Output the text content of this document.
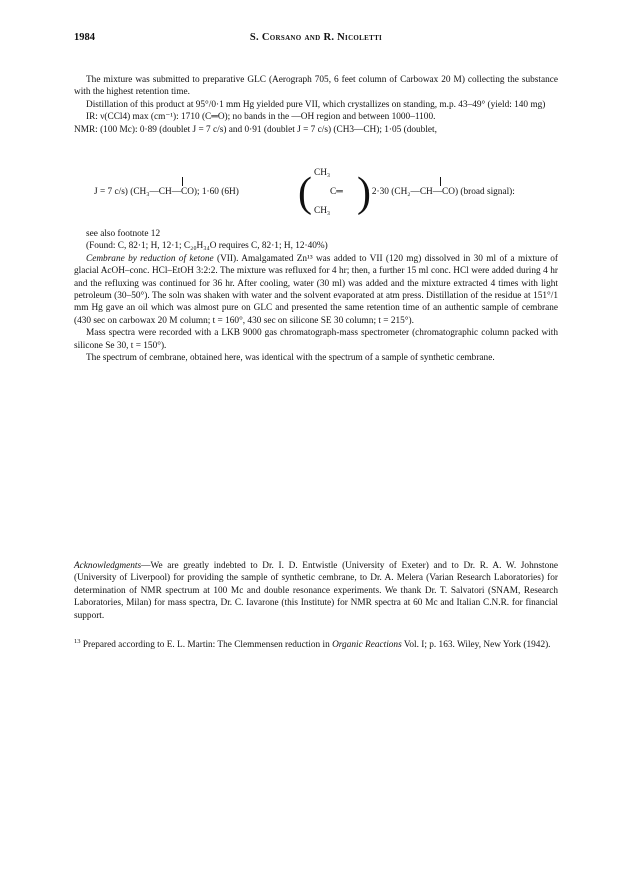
1984	S. Corsano and R. Nicoletti

The mixture was submitted to preparative GLC (Aerograph 705, 6 feet column of Carbowax 20 M) collecting the substance with the highest retention time.

Distillation of this product at 95°/0·1 mm Hg yielded pure VII, which crystallizes on standing, m.p. 43–49° (yield: 140 mg)

IR: ν(CCl4) max (cm⁻¹): 1710 (C═O); no bands in the —OH region and between 1000–1100.

NMR: (100 Mc): 0·89 (doublet J = 7 c/s) and 0·91 (doublet J = 7 c/s) (CH3—CH); 1·05 (doublet,

J = 7 c/s) (CH₃—CH—CO); 1·60 (6H) ( CH₃
C═
CH₃ )
; 2·30 (CH₂—CH—CO) (broad signal):

see also footnote 12

(Found: C, 82·1; H, 12·1; C₂₀H₃₄O requires C, 82·1; H, 12·40%)

Cembrane by reduction of ketone (VII). Amalgamated Zn¹³ was added to VII (120 mg) dissolved in 30 ml of a mixture of glacial AcOH–conc. HCl–EtOH 3:2:2. The mixture was refluxed for 4 hr; then, a further 15 ml conc. HCl were added during 4 hr and the refluxing was continued for 36 hr. After cooling, water (30 ml) was added and the mixture extracted 4 times with light petroleum (30–50°). The soln was shaken with water and the solvent evaporated at atm press. Distillation of the residue at 151°/1 mm Hg gave an oil which was almost pure on GLC and presented the same retention time of an authentic sample of cembrane (430 sec on carbowax 20 M column; t = 160°, 430 sec on silicone SE 30 column; t = 215°).

Mass spectra were recorded with a LKB 9000 gas chromatograph-mass spectrometer (chromatographic column packed with silicone Se 30, t = 150°).

The spectrum of cembrane, obtained here, was identical with the spectrum of a sample of synthetic cembrane.

Acknowledgments—We are greatly indebted to Dr. I. D. Entwistle (University of Exeter) and to Dr. R. A. W. Johnstone (University of Liverpool) for providing the sample of synthetic cembrane, to Dr. A. Melera (Varian Research Laboratories) for determination of NMR spectrum at 100 Mc and double resonance experiments. We thank Dr. T. Salvatori (SNAM, Research Laboratories, Milan) for mass spectra, Dr. C. Iavarone (this Institute) for NMR spectra at 60 Mc and Italian C.N.R. for financial support.

$^{13}$ Prepared according to E. L. Martin: The Clemmensen reduction in Organic Reactions Vol. I; p. 163. Wiley, New York (1942).
